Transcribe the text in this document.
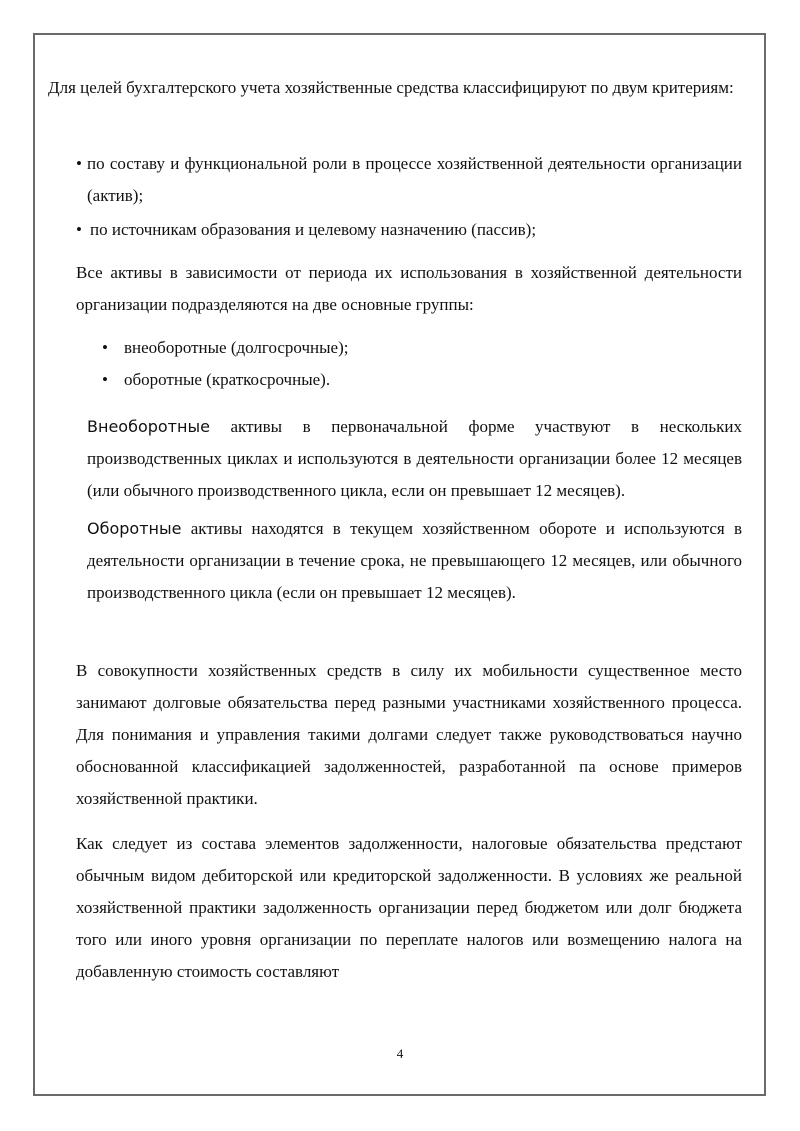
Для целей бухгалтерского учета хозяйственные средства классифицируют по двум критериям:

• по составу и функциональной роли в процессе хозяйственной деятельности организации (актив);

• по источникам образования и целевому назначению (пассив);

Все активы в зависимости от периода их использования в хозяйственной деятельности организации подразделяются на две основные группы:

• внеоборотные (долгосрочные);

• оборотные (краткосрочные).

Внеоборотные активы в первоначальной форме участвуют в нескольких производственных циклах и используются в деятельности организации более 12 месяцев (или обычного производственного цикла, если он превышает 12 месяцев).

Оборотные активы находятся в текущем хозяйственном обороте и используются в деятельности организации в течение срока, не превышающего 12 месяцев, или обычного производственного цикла (если он превышает 12 месяцев).

В совокупности хозяйственных средств в силу их мобильности существенное место занимают долговые обязательства перед разными участниками хозяйственного процесса. Для понимания и управления такими долгами следует также руководствоваться научно обоснованной классификацией задолженностей, разработанной па основе примеров хозяйственной практики.

Как следует из состава элементов задолженности, налоговые обязательства предстают обычным видом дебиторской или кредиторской задолженности. В условиях же реальной хозяйственной практики задолженность организации перед бюджетом или долг бюджета того или иного уровня организации по переплате налогов или возмещению налога на добавленную стоимость составляют

4
